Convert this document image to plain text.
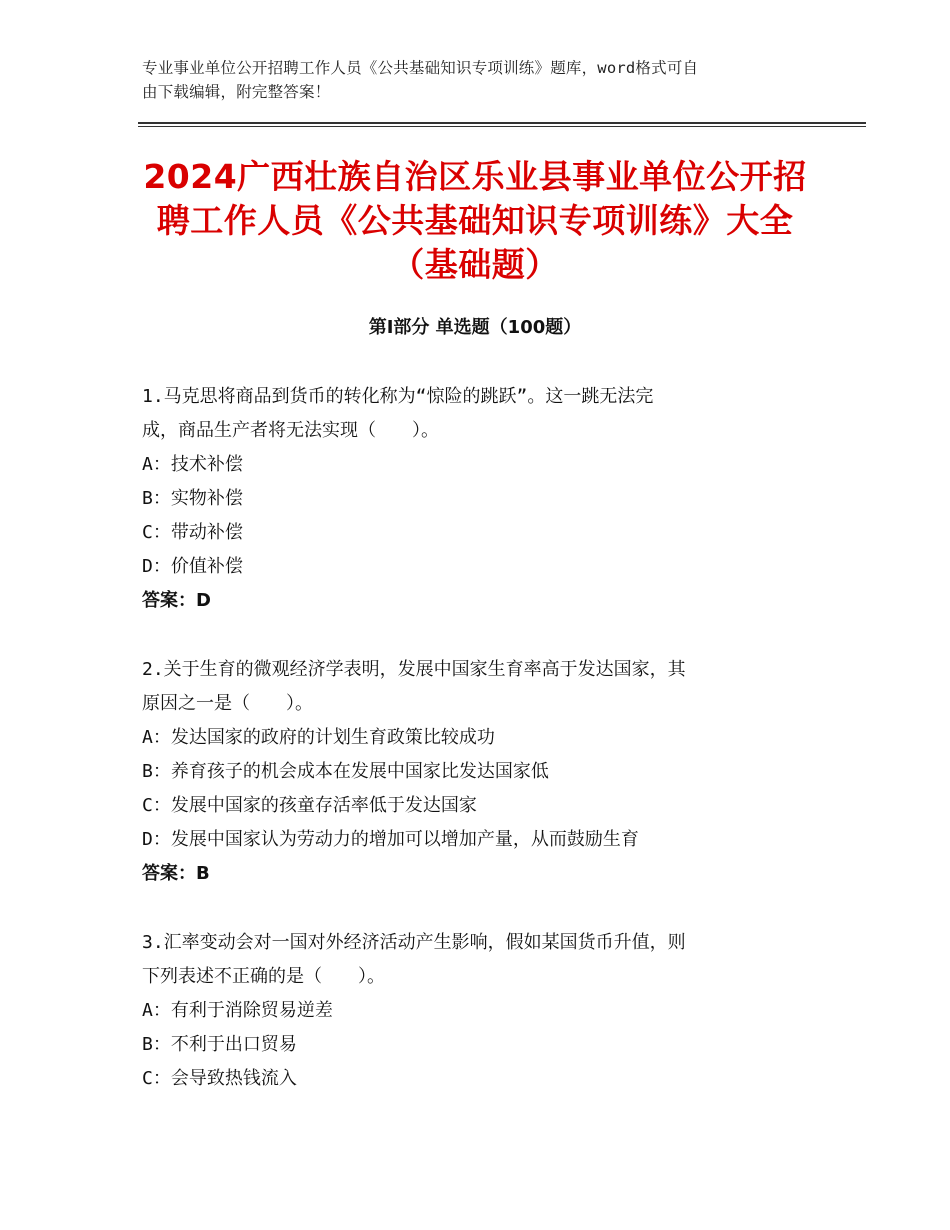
专业事业单位公开招聘工作人员《公共基础知识专项训练》题库，word格式可自
由下载编辑，附完整答案！
2024广西壮族自治区乐业县事业单位公开招
聘工作人员《公共基础知识专项训练》大全
（基础题）
第Ⅰ部分 单选题（100题）
1.马克思将商品到货币的转化称为“惊险的跳跃”。这一跳无法完
成，商品生产者将无法实现（　　）。
A：技术补偿
B：实物补偿
C：带动补偿
D：价值补偿
答案：D
2.关于生育的微观经济学表明，发展中国家生育率高于发达国家，其
原因之一是（　　）。
A：发达国家的政府的计划生育政策比较成功
B：养育孩子的机会成本在发展中国家比发达国家低
C：发展中国家的孩童存活率低于发达国家
D：发展中国家认为劳动力的增加可以增加产量，从而鼓励生育
答案：B
3.汇率变动会对一国对外经济活动产生影响，假如某国货币升值，则
下列表述不正确的是（　　）。
A：有利于消除贸易逆差
B：不利于出口贸易
C：会导致热钱流入
